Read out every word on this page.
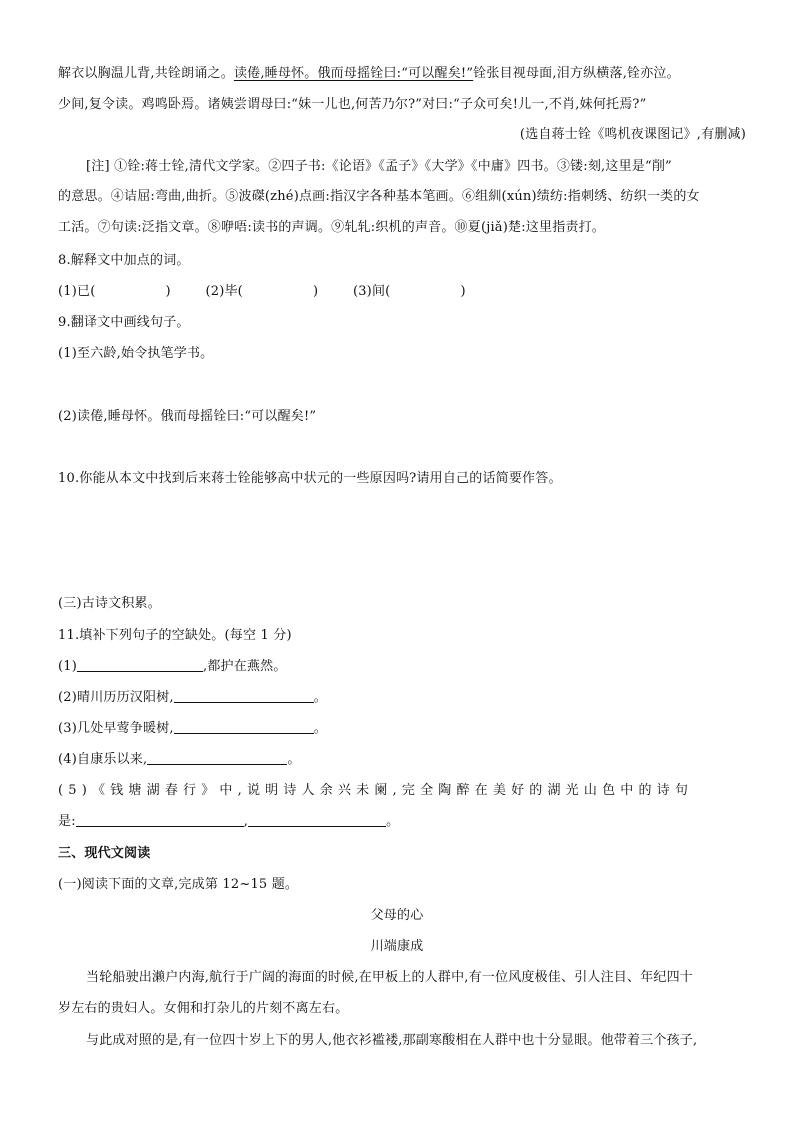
解衣以胸温儿背,共铨朗诵之。读倦,睡母怀。俄而母摇铨曰:“可以醒矣!”铨张目视母面,泪方纵横落,铨亦泣。
少间,复令读。鸡鸣卧焉。诸姨尝谓母曰:“妹一儿也,何苦乃尔?”对曰:“子众可矣!儿一,不肖,妹何托焉?”
(选自蒋士铨《鸣机夜课图记》,有删减)
[注] ①铨:蒋士铨,清代文学家。②四子书:《论语》《孟子》《大学》《中庸》四书。③镂:刻,这里是“削”
的意思。④诘屈:弯曲,曲折。⑤波磔(zhé)点画:指汉字各种基本笔画。⑥组紃(xún)绩纺:指刺绣、纺织一类的女
工活。⑦句读:泛指文章。⑧咿唔:读书的声调。⑨轧轧:织机的声音。⑩夏(jiǎ)楚:这里指责打。
8.解释文中加点的词。
(1)已(	)	(2)毕(	)	(3)间(	)
9.翻译文中画线句子。
(1)至六龄,始令执笔学书。
(2)读倦,睡母怀。俄而母摇铨曰:“可以醒矣!”
10.你能从本文中找到后来蒋士铨能够高中状元的一些原因吗?请用自己的话简要作答。
(三)古诗文积累。
11.填补下列句子的空缺处。(每空 1 分)
(1)	,都护在燕然。
(2)晴川历历汉阳树,	。
(3)几处早莺争暖树,	。
(4)自康乐以来,	。
(5)《钱塘湖春行》中,说明诗人余兴未阑,完全陶醉在美好的湖光山色中的诗句
是:	,	。
三、现代文阅读
(一)阅读下面的文章,完成第 12~15 题。
父母的心
川端康成
当轮船驶出濑户内海,航行于广阔的海面的时候,在甲板上的人群中,有一位风度极佳、引人注目、年纪四十
岁左右的贵妇人。女佣和打杂儿的片刻不离左右。
与此成对照的是,有一位四十岁上下的男人,他衣衫褴褛,那副寒酸相在人群中也十分显眼。他带着三个孩子,
